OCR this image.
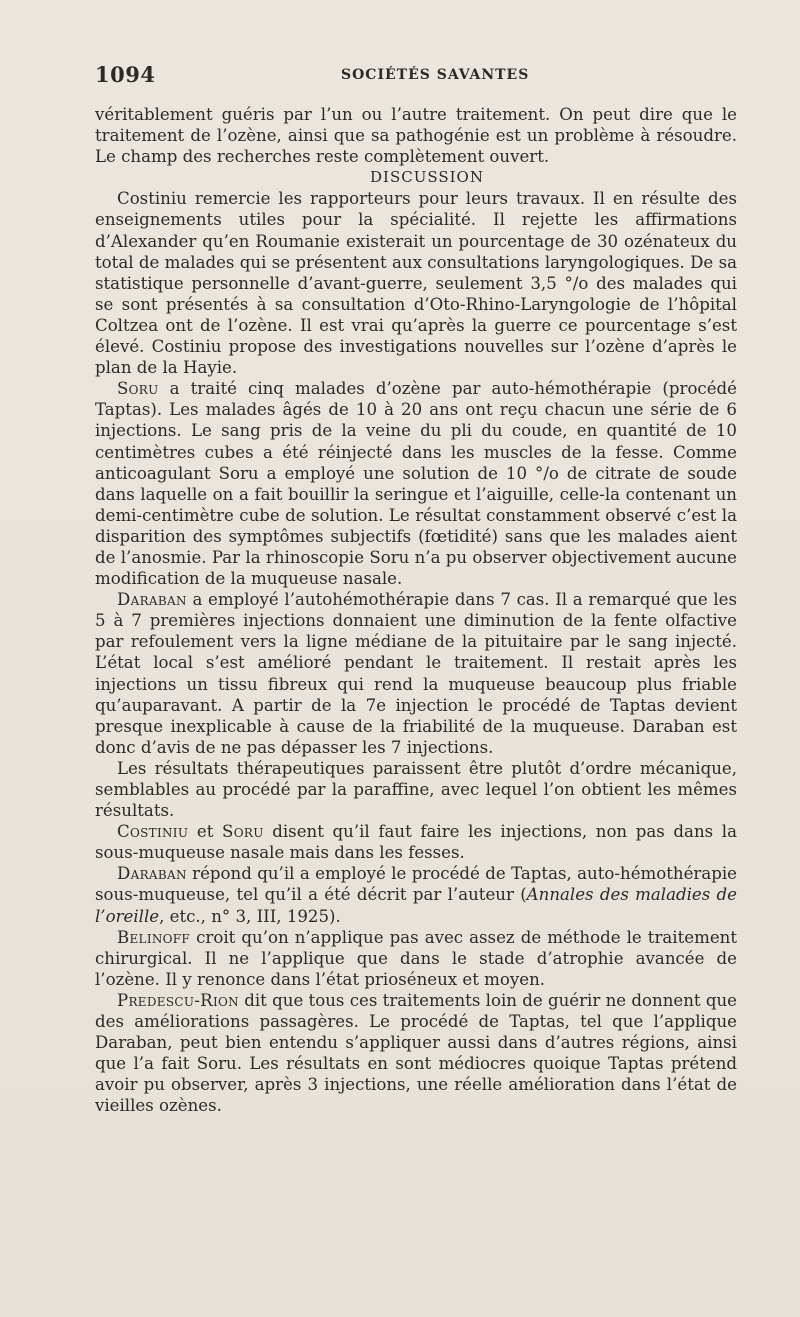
1094	SOCIÉTÉS SAVANTES

véritablement guéris par l’un ou l’autre traitement. On peut dire que le traitement de l’ozène, ainsi que sa pathogénie est un problème à résoudre. Le champ des recherches reste complètement ouvert.

DISCUSSION

Costiniu remercie les rapporteurs pour leurs travaux. Il en résulte des enseignements utiles pour la spécialité. Il rejette les affirmations d’Alexander qu’en Roumanie existerait un pourcentage de 30 ozénateux du total de malades qui se présentent aux consultations laryngologiques. De sa statistique personnelle d’avant-guerre, seulement 3,5 °/o des malades qui se sont présentés à sa consultation d’Oto-Rhino-Laryngologie de l’hôpital Coltzea ont de l’ozène. Il est vrai qu’après la guerre ce pourcentage s’est élevé. Costiniu propose des investigations nouvelles sur l’ozène d’après le plan de la Hayie.

Soru a traité cinq malades d’ozène par auto-hémothérapie (procédé Taptas). Les malades âgés de 10 à 20 ans ont reçu chacun une série de 6 injections. Le sang pris de la veine du pli du coude, en quantité de 10 centimètres cubes a été réinjecté dans les muscles de la fesse. Comme anticoagulant Soru a employé une solution de 10 °/o de citrate de soude dans laquelle on a fait bouillir la seringue et l’aiguille, celle-la contenant un demi-centimètre cube de solution. Le résultat constamment observé c’est la disparition des symptômes subjectifs (fœtidité) sans que les malades aient de l’anosmie. Par la rhinoscopie Soru n’a pu observer objectivement aucune modification de la muqueuse nasale.

Daraban a employé l’autohémothérapie dans 7 cas. Il a remarqué que les 5 à 7 premières injections donnaient une diminution de la fente olfactive par refoulement vers la ligne médiane de la pituitaire par le sang injecté. L’état local s’est amélioré pendant le traitement. Il restait après les injections un tissu fibreux qui rend la muqueuse beaucoup plus friable qu’auparavant. A partir de la 7e injection le procédé de Taptas devient presque inexplicable à cause de la friabilité de la muqueuse. Daraban est donc d’avis de ne pas dépasser les 7 injections.

Les résultats thérapeutiques paraissent être plutôt d’ordre mécanique, semblables au procédé par la paraffine, avec lequel l’on obtient les mêmes résultats.

Costiniu et Soru disent qu’il faut faire les injections, non pas dans la sous-muqueuse nasale mais dans les fesses.

Daraban répond qu’il a employé le procédé de Taptas, auto-hémothérapie sous-muqueuse, tel qu’il a été décrit par l’auteur (Annales des maladies de l’oreille, etc., n° 3, III, 1925).

Belinoff croit qu’on n’applique pas avec assez de méthode le traitement chirurgical. Il ne l’applique que dans le stade d’atrophie avancée de l’ozène. Il y renonce dans l’état prioséneux et moyen.

Predescu-Rion dit que tous ces traitements loin de guérir ne donnent que des améliorations passagères. Le procédé de Taptas, tel que l’applique Daraban, peut bien entendu s’appliquer aussi dans d’autres régions, ainsi que l’a fait Soru. Les résultats en sont médiocres quoique Taptas prétend avoir pu observer, après 3 injections, une réelle amélioration dans l’état de vieilles ozènes.
